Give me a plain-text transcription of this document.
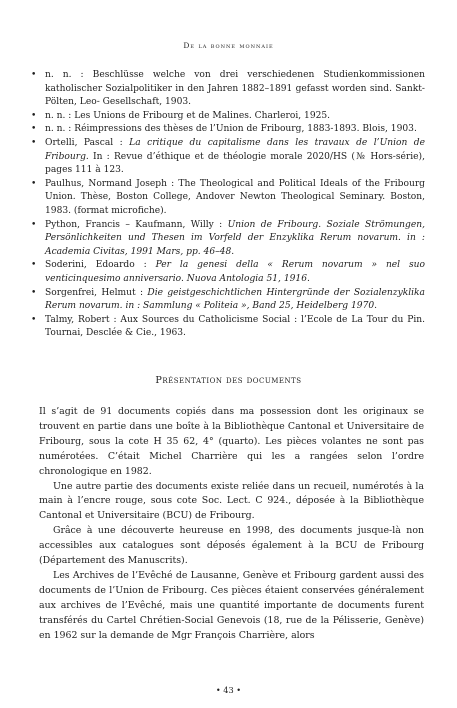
De la bonne monnaie
• n. n. : Beschlüsse welche von drei verschiedenen Studienkommissionen katholischer Sozialpolitiker in den Jahren 1882–1891 gefasst worden sind. Sankt-Pölten, Leo- Gesellschaft, 1903.
• n. n. : Les Unions de Fribourg et de Malines. Charleroi, 1925.
• n. n. : Réimpressions des thèses de l’Union de Fribourg, 1883-1893. Blois, 1903.
• Ortelli, Pascal : La critique du capitalisme dans les travaux de l’Union de Fribourg. In : Revue d’éthique et de théologie morale 2020/HS (№ Hors-série), pages 111 à 123.
• Paulhus, Normand Joseph : The Theological and Political Ideals of the Fribourg Union. Thèse, Boston College, Andover Newton Theological Seminary. Boston, 1983. (format microfiche).
• Python, Francis – Kaufmann, Willy : Union de Fribourg. Soziale Strömungen, Persönlichkeiten und Thesen im Vorfeld der Enzyklika Rerum novarum. in : Academia Civitas, 1991 Mars, pp. 46–48.
• Soderini, Edoardo : Per la genesi della « Rerum novarum » nel suo venticinquesimo anniversario. Nuova Antologia 51, 1916.
• Sorgenfrei, Helmut : Die geistgeschichtlichen Hintergründe der Sozialenzyklika Rerum novarum. in : Sammlung « Politeia », Band 25, Heidelberg 1970.
• Talmy, Robert : Aux Sources du Catholicisme Social : l’Ecole de La Tour du Pin. Tournai, Desclée & Cie., 1963.
Présentation des documents

Il s’agit de 91 documents copiés dans ma possession dont les originaux se trouvent en partie dans une boîte à la Bibliothèque Cantonal et Universitaire de Fribourg, sous la cote H 35 62, 4° (quarto). Les pièces volantes ne sont pas numérotées. C’était Michel Charrière qui les a rangées selon l’ordre chronologique en 1982.

Une autre partie des documents existe reliée dans un recueil, numérotés à la main à l’encre rouge, sous cote Soc. Lect. C 924., déposée à la Bibliothèque Cantonal et Universitaire (BCU) de Fribourg.

Grâce à une découverte heureuse en 1998, des documents jusque-là non accessibles aux catalogues sont déposés également à la BCU de Fribourg (Département des Manuscrits).

Les Archives de l’Evêché de Lausanne, Genève et Fribourg gardent aussi des documents de l’Union de Fribourg. Ces pièces étaient conservées généralement aux archives de l’Evêché, mais une quantité importante de documents furent transférés du Cartel Chrétien-Social Genevois (18, rue de la Pélisserie, Genève) en 1962 sur la demande de Mgr François Charrière, alors

• 43 •
